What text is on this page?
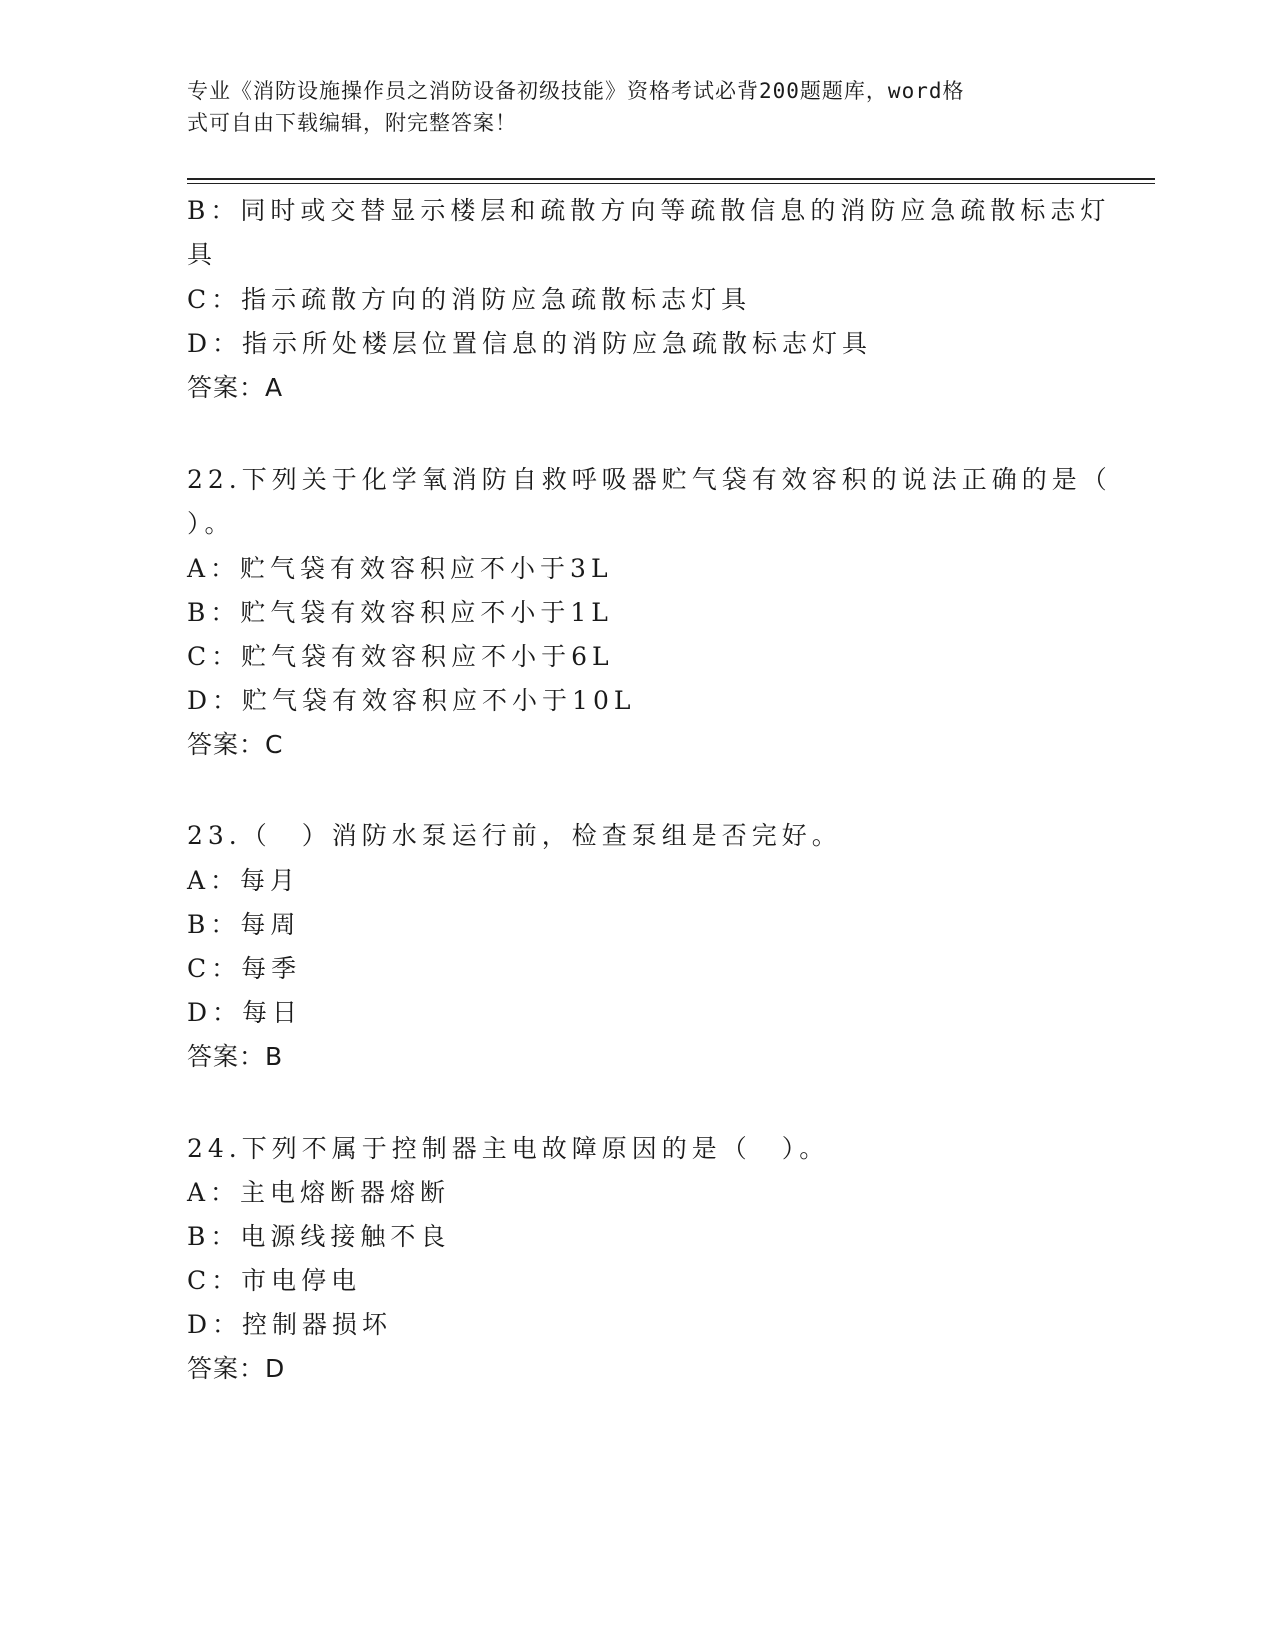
专业《消防设施操作员之消防设备初级技能》资格考试必背200题题库，word格
式可自由下载编辑，附完整答案！
B：同时或交替显示楼层和疏散方向等疏散信息的消防应急疏散标志灯
具
C：指示疏散方向的消防应急疏散标志灯具
D：指示所处楼层位置信息的消防应急疏散标志灯具
答案：A
22.下列关于化学氧消防自救呼吸器贮气袋有效容积的说法正确的是（
）。
A：贮气袋有效容积应不小于3L
B：贮气袋有效容积应不小于1L
C：贮气袋有效容积应不小于6L
D：贮气袋有效容积应不小于10L
答案：C
23.（　）消防水泵运行前，检查泵组是否完好。
A：每月
B：每周
C：每季
D：每日
答案：B
24.下列不属于控制器主电故障原因的是（　）。
A：主电熔断器熔断
B：电源线接触不良
C：市电停电
D：控制器损坏
答案：D
